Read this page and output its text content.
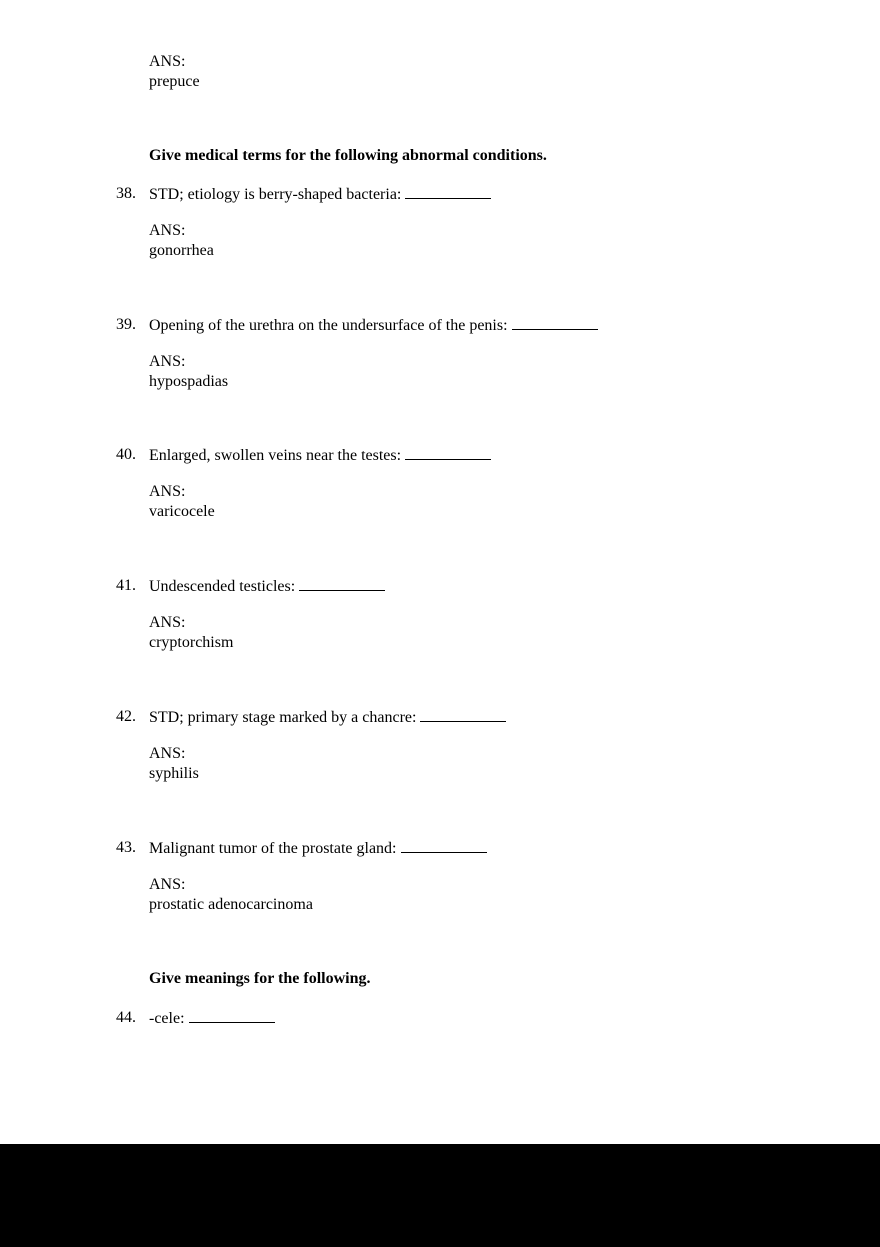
ANS:
prepuce
Give medical terms for the following abnormal conditions.
38. STD; etiology is berry-shaped bacteria:
ANS:
gonorrhea
39. Opening of the urethra on the undersurface of the penis:
ANS:
hypospadias
40. Enlarged, swollen veins near the testes:
ANS:
varicocele
41. Undescended testicles:
ANS:
cryptorchism
42. STD; primary stage marked by a chancre:
ANS:
syphilis
43. Malignant tumor of the prostate gland:
ANS:
prostatic adenocarcinoma
Give meanings for the following.
44. -cele:
